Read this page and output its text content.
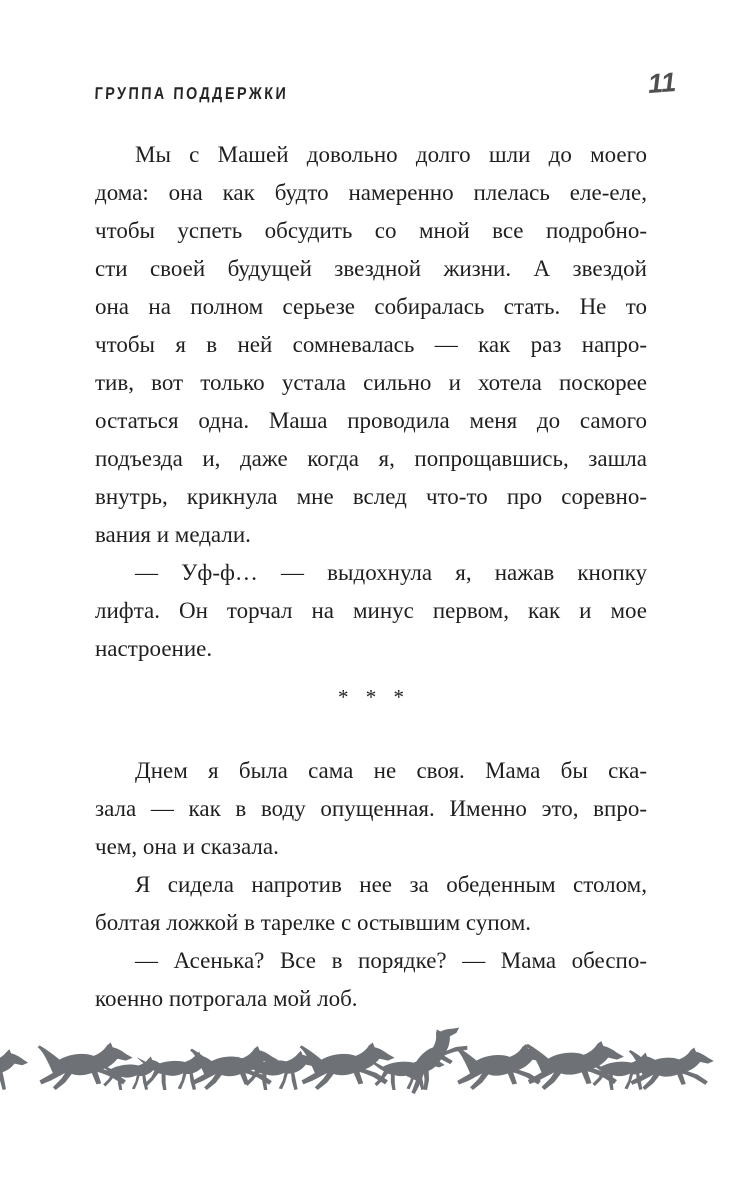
ГРУППА ПОДДЕРЖКИ	11
Мы с Машей довольно долго шли до моего
дома: она как будто намеренно плелась еле-еле,
чтобы успеть обсудить со мной все подробно-
сти своей будущей звездной жизни. А звездой
она на полном серьезе собиралась стать. Не то
чтобы я в ней сомневалась — как раз напро-
тив, вот только устала сильно и хотела поскорее
остаться одна. Маша проводила меня до самого
подъезда и, даже когда я, попрощавшись, зашла
внутрь, крикнула мне вслед что-то про соревно-
вания и медали.
— Уф-ф… — выдохнула я, нажав кнопку
лифта. Он торчал на минус первом, как и мое
настроение.
* * *
Днем я была сама не своя. Мама бы ска-
зала — как в воду опущенная. Именно это, впро-
чем, она и сказала.
Я сидела напротив нее за обеденным столом,
болтая ложкой в тарелке с остывшим супом.
— Асенька? Все в порядке? — Мама обеспо-
коенно потрогала мой лоб.
